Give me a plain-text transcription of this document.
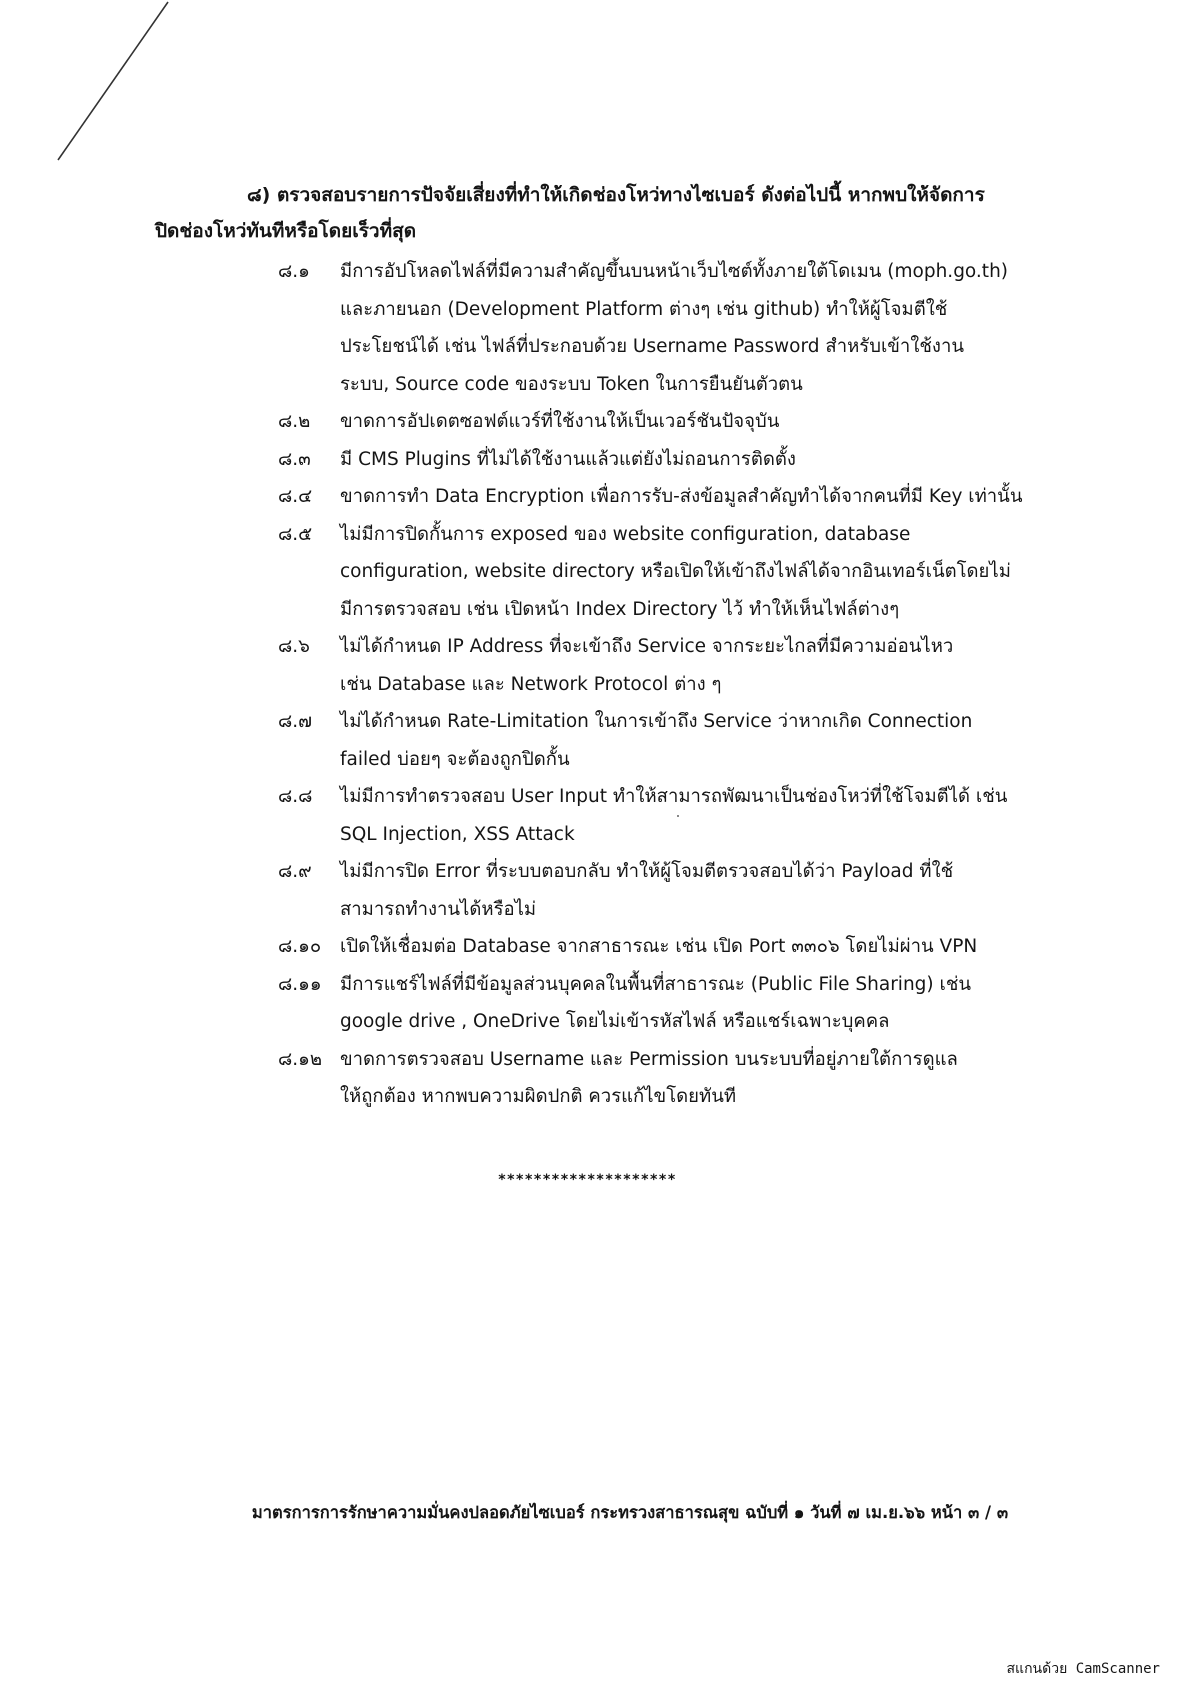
๘) ตรวจสอบรายการปัจจัยเสี่ยงที่ทำให้เกิดช่องโหว่ทางไซเบอร์ ดังต่อไปนี้ หากพบให้จัดการ
ปิดช่องโหว่ทันทีหรือโดยเร็วที่สุด

๘.๑ มีการอัปโหลดไฟล์ที่มีความสำคัญขึ้นบนหน้าเว็บไซต์ทั้งภายใต้โดเมน (moph.go.th)
และภายนอก (Development Platform ต่างๆ เช่น github) ทำให้ผู้โจมตีใช้
ประโยชน์ได้ เช่น ไฟล์ที่ประกอบด้วย Username Password สำหรับเข้าใช้งาน
ระบบ, Source code ของระบบ Token ในการยืนยันตัวตน
๘.๒ ขาดการอัปเดตซอฟต์แวร์ที่ใช้งานให้เป็นเวอร์ชันปัจจุบัน
๘.๓ มี CMS Plugins ที่ไม่ได้ใช้งานแล้วแต่ยังไม่ถอนการติดตั้ง
๘.๔ ขาดการทำ Data Encryption เพื่อการรับ-ส่งข้อมูลสำคัญทำได้จากคนที่มี Key เท่านั้น
๘.๕ ไม่มีการปิดกั้นการ exposed ของ website configuration, database
configuration, website directory หรือเปิดให้เข้าถึงไฟล์ได้จากอินเทอร์เน็ตโดยไม่
มีการตรวจสอบ เช่น เปิดหน้า Index Directory ไว้ ทำให้เห็นไฟล์ต่างๆ
๘.๖ ไม่ได้กำหนด IP Address ที่จะเข้าถึง Service จากระยะไกลที่มีความอ่อนไหว
เช่น Database และ Network Protocol ต่าง ๆ
๘.๗ ไม่ได้กำหนด Rate-Limitation ในการเข้าถึง Service ว่าหากเกิด Connection
failed บ่อยๆ จะต้องถูกปิดกั้น
๘.๘ ไม่มีการทำตรวจสอบ User Input ทำให้สามารถพัฒนาเป็นช่องโหว่ที่ใช้โจมตีได้ เช่น
SQL Injection, XSS Attack
๘.๙ ไม่มีการปิด Error ที่ระบบตอบกลับ ทำให้ผู้โจมตีตรวจสอบได้ว่า Payload ที่ใช้
สามารถทำงานได้หรือไม่
๘.๑๐ เปิดให้เชื่อมต่อ Database จากสาธารณะ เช่น เปิด Port ๓๓๐๖ โดยไม่ผ่าน VPN
๘.๑๑ มีการแชร์ไฟล์ที่มีข้อมูลส่วนบุคคลในพื้นที่สาธารณะ (Public File Sharing) เช่น
google drive , OneDrive โดยไม่เข้ารหัสไฟล์ หรือแชร์เฉพาะบุคคล
๘.๑๒ ขาดการตรวจสอบ Username และ Permission บนระบบที่อยู่ภายใต้การดูแล
ให้ถูกต้อง หากพบความผิดปกติ ควรแก้ไขโดยทันที
********************
มาตรการการรักษาความมั่นคงปลอดภัยไซเบอร์ กระทรวงสาธารณสุข ฉบับที่ ๑ วันที่ ๗ เม.ย.๖๖ หน้า ๓ / ๓
สแกนด้วย CamScanner
